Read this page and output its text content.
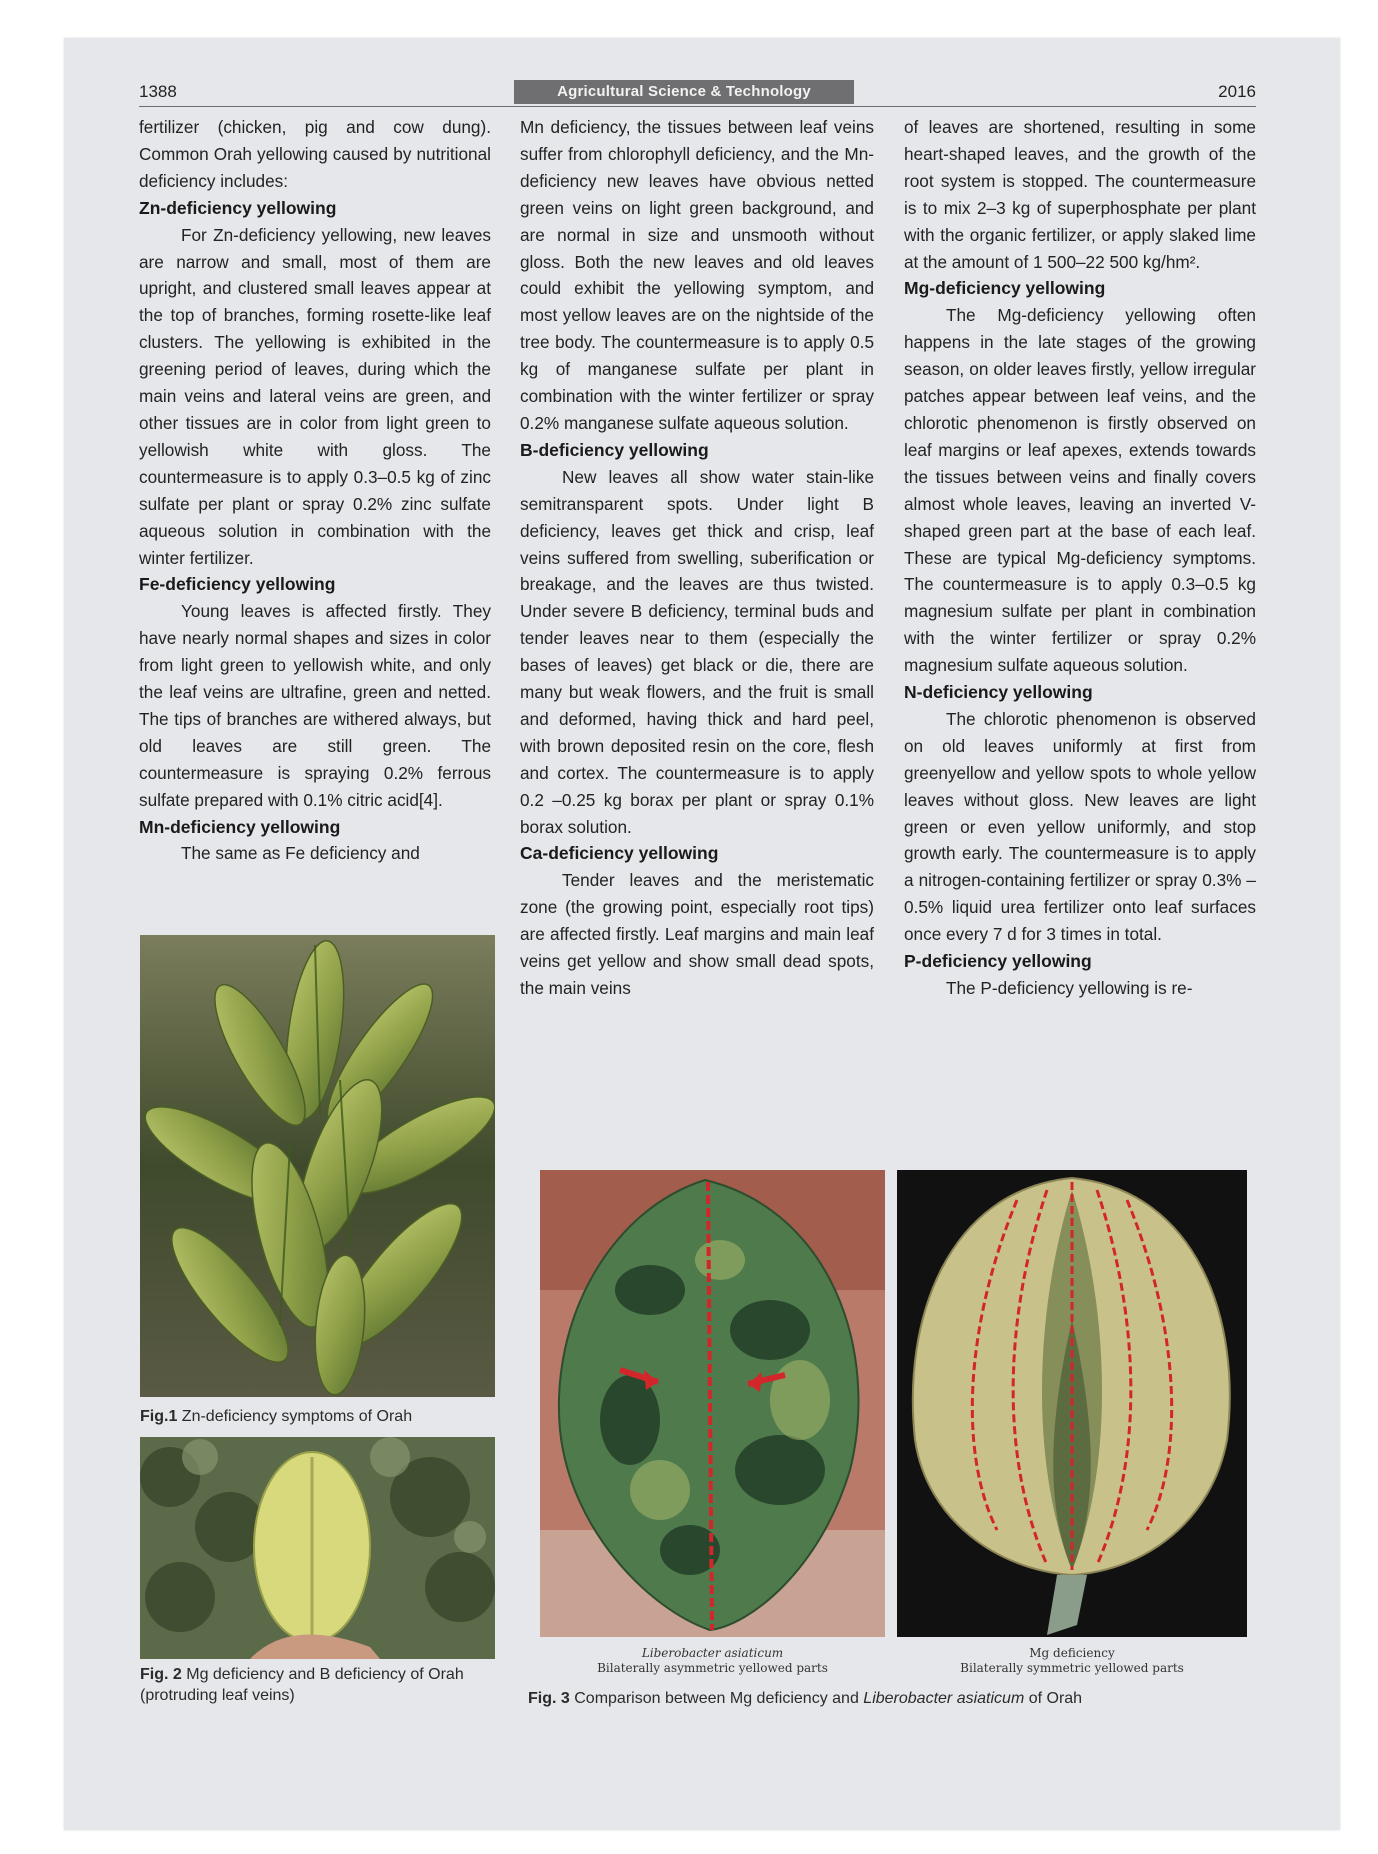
1388	Agricultural Science & Technology	2016

fertilizer (chicken, pig and cow dung). Common Orah yellowing caused by nutritional deficiency includes:

Zn-deficiency yellowing

For Zn-deficiency yellowing, new leaves are narrow and small, most of them are upright, and clustered small leaves appear at the top of branches, forming rosette-like leaf clusters. The yellowing is exhibited in the greening period of leaves, during which the main veins and lateral veins are green, and other tissues are in color from light green to yellowish white with gloss. The countermeasure is to apply 0.3–0.5 kg of zinc sulfate per plant or spray 0.2% zinc sulfate aqueous solution in combination with the winter fertilizer.

Fe-deficiency yellowing

Young leaves is affected firstly. They have nearly normal shapes and sizes in color from light green to yellowish white, and only the leaf veins are ultrafine, green and netted. The tips of branches are withered always, but old leaves are still green. The countermeasure is spraying 0.2% ferrous sulfate prepared with 0.1% citric acid[4].

Mn-deficiency yellowing

The same as Fe deficiency and

Mn deficiency, the tissues between leaf veins suffer from chlorophyll deficiency, and the Mn-deficiency new leaves have obvious netted green veins on light green background, and are normal in size and unsmooth without gloss. Both the new leaves and old leaves could exhibit the yellowing symptom, and most yellow leaves are on the nightside of the tree body. The countermeasure is to apply 0.5 kg of manganese sulfate per plant in combination with the winter fertilizer or spray 0.2% manganese sulfate aqueous solution.

B-deficiency yellowing

New leaves all show water stain-like semitransparent spots. Under light B deficiency, leaves get thick and crisp, leaf veins suffered from swelling, suberification or breakage, and the leaves are thus twisted. Under severe B deficiency, terminal buds and tender leaves near to them (especially the bases of leaves) get black or die, there are many but weak flowers, and the fruit is small and deformed, having thick and hard peel, with brown deposited resin on the core, flesh and cortex. The countermeasure is to apply 0.2 –0.25 kg borax per plant or spray 0.1% borax solution.

Ca-deficiency yellowing

Tender leaves and the meristematic zone (the growing point, especially root tips) are affected firstly. Leaf margins and main leaf veins get yellow and show small dead spots, the main veins

of leaves are shortened, resulting in some heart-shaped leaves, and the growth of the root system is stopped. The countermeasure is to mix 2–3 kg of superphosphate per plant with the organic fertilizer, or apply slaked lime at the amount of 1 500–22 500 kg/hm².

Mg-deficiency yellowing

The Mg-deficiency yellowing often happens in the late stages of the growing season, on older leaves firstly, yellow irregular patches appear between leaf veins, and the chlorotic phenomenon is firstly observed on leaf margins or leaf apexes, extends towards the tissues between veins and finally covers almost whole leaves, leaving an inverted V-shaped green part at the base of each leaf. These are typical Mg-deficiency symptoms. The countermeasure is to apply 0.3–0.5 kg magnesium sulfate per plant in combination with the winter fertilizer or spray 0.2% magnesium sulfate aqueous solution.

N-deficiency yellowing

The chlorotic phenomenon is observed on old leaves uniformly at first from greenyellow and yellow spots to whole yellow leaves without gloss. New leaves are light green or even yellow uniformly, and stop growth early. The countermeasure is to apply a nitrogen-containing fertilizer or spray 0.3% – 0.5% liquid urea fertilizer onto leaf surfaces once every 7 d for 3 times in total.

P-deficiency yellowing

The P-deficiency yellowing is re-

Fig.1 Zn-deficiency symptoms of Orah
Fig. 2 Mg deficiency and B deficiency of Orah (protruding leaf veins)
Liberobacter asiaticum
Bilaterally asymmetric yellowed parts
Mg deficiency
Bilaterally symmetric yellowed parts
Fig. 3 Comparison between Mg deficiency and Liberobacter asiaticum of Orah
